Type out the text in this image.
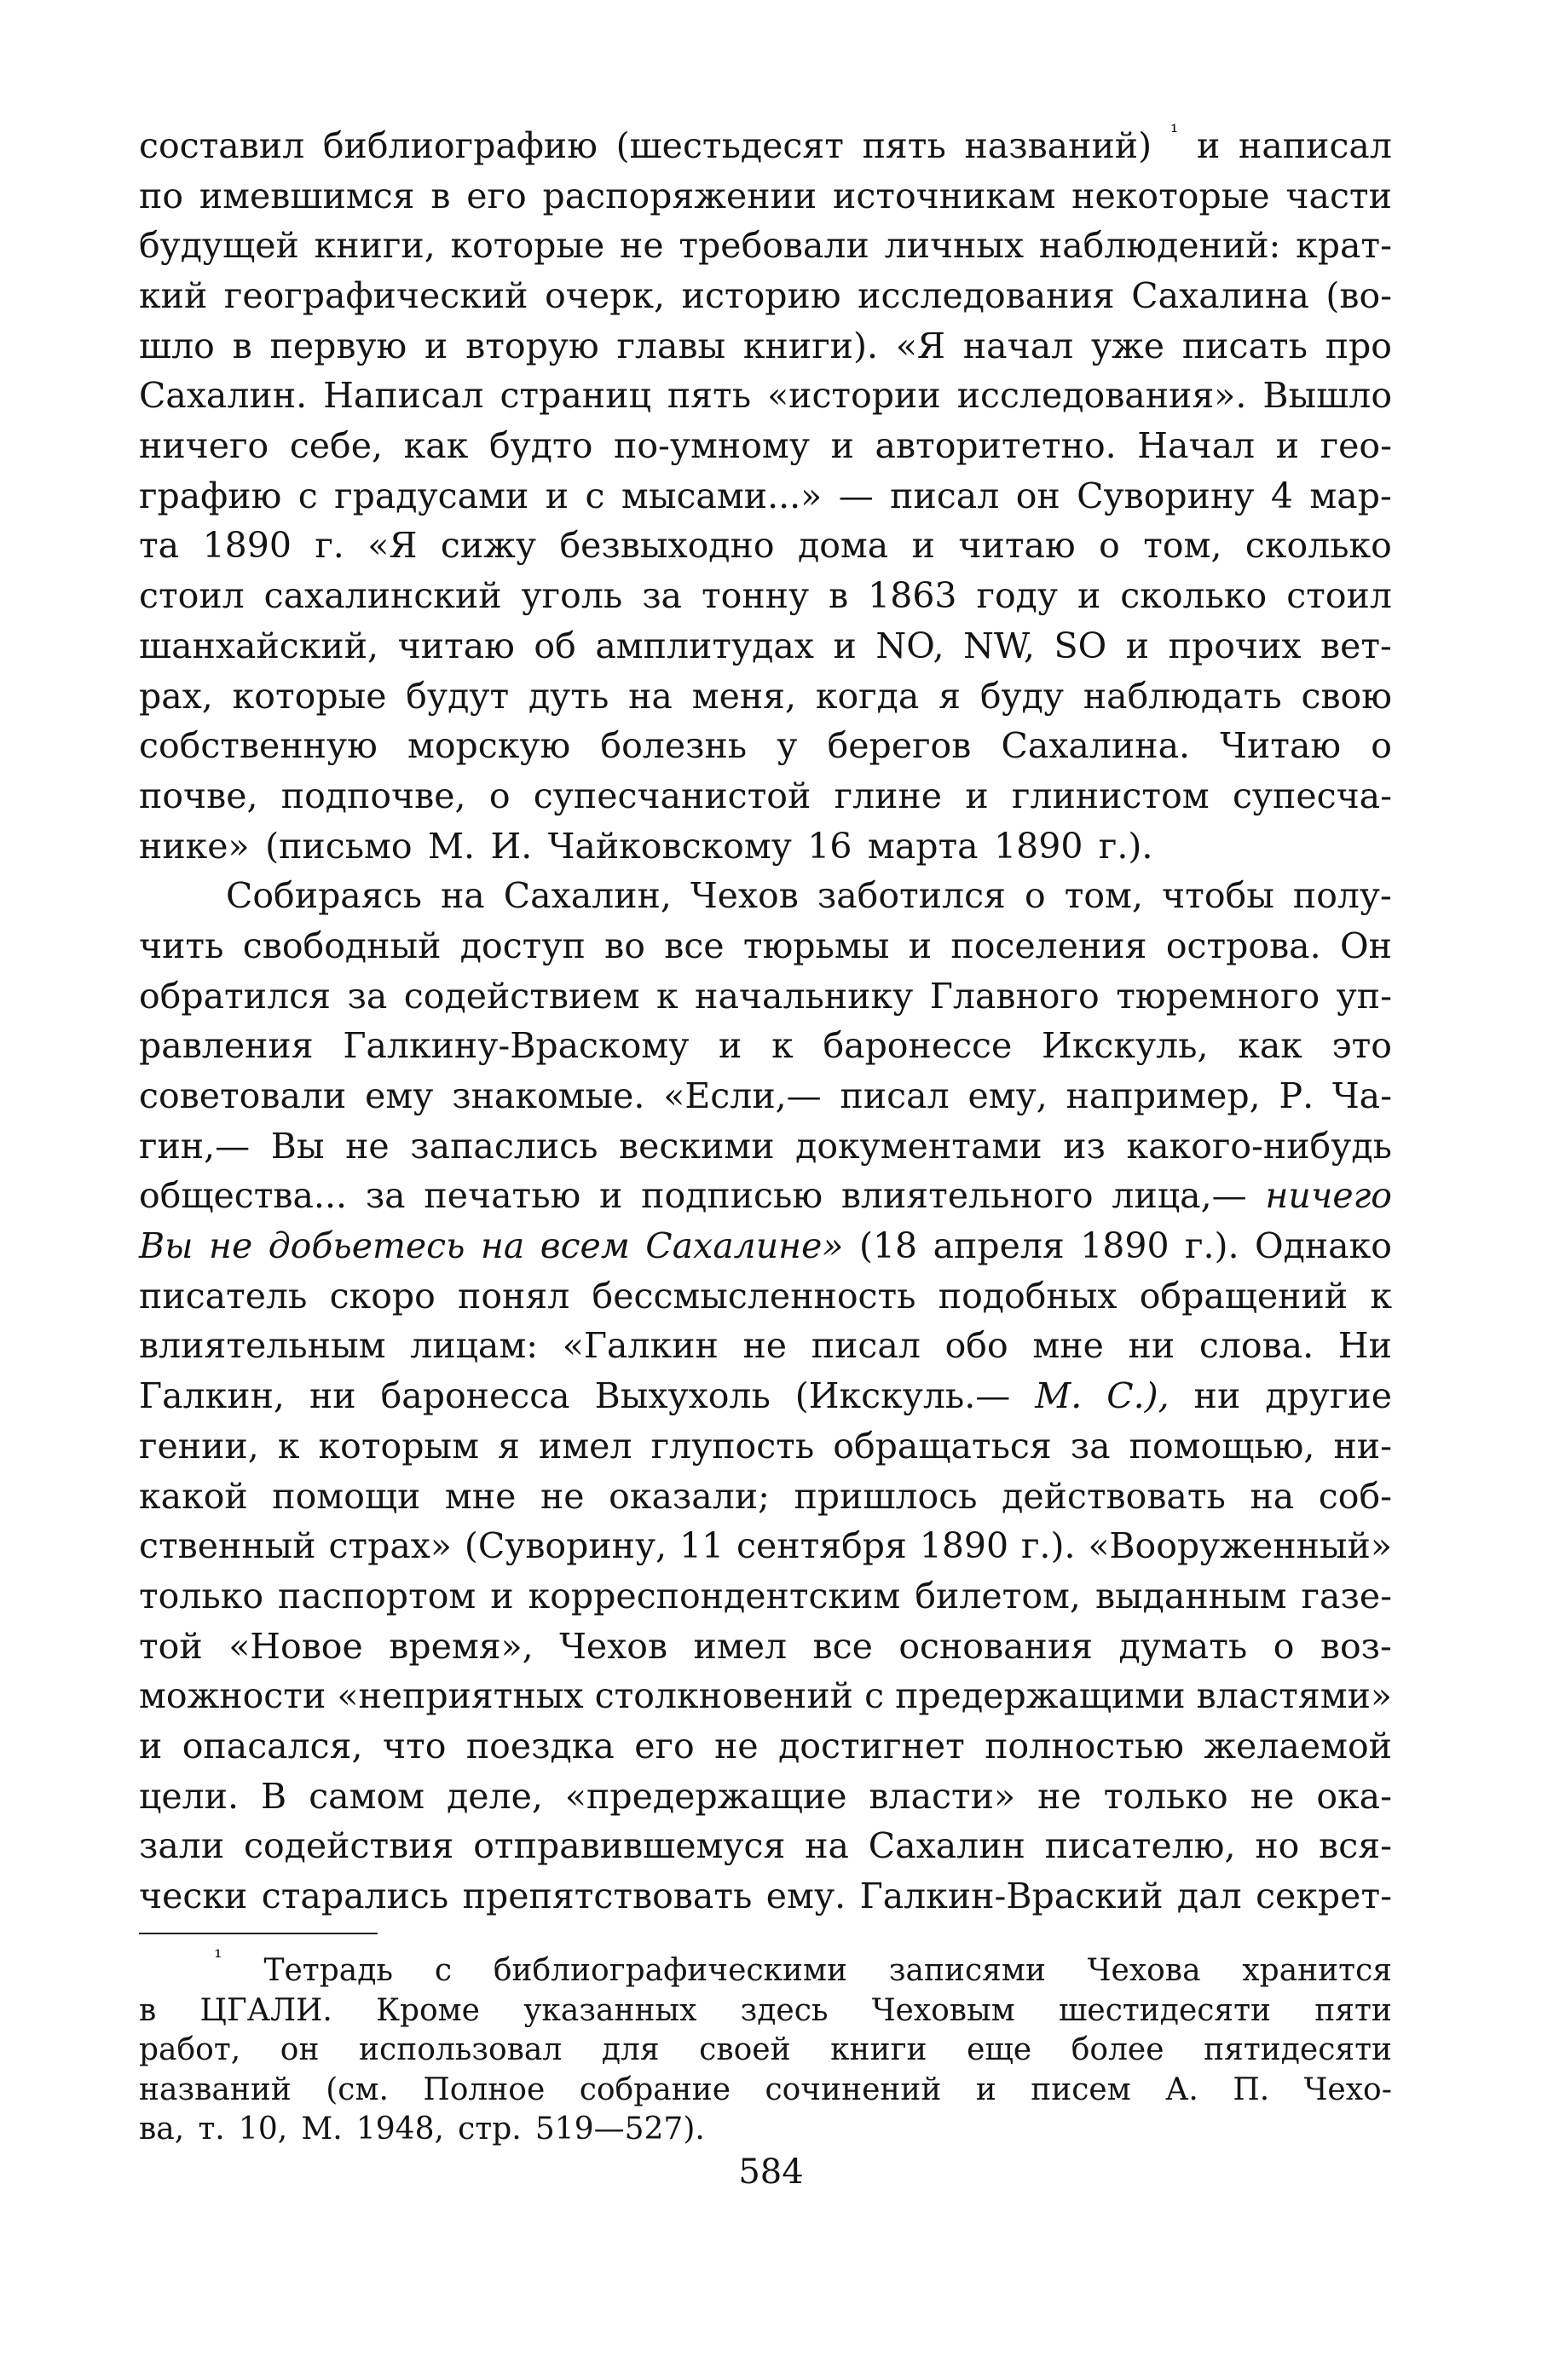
составил библиографию (шестьдесят пять названий) ¹ и написал
по имевшимся в его распоряжении источникам некоторые части
будущей книги, которые не требовали личных наблюдений: крат-
кий географический очерк, историю исследования Сахалина (во-
шло в первую и вторую главы книги). «Я начал уже писать про
Сахалин. Написал страниц пять «истории исследования». Вышло
ничего себе, как будто по-умному и авторитетно. Начал и гео-
графию с градусами и с мысами...» — писал он Суворину 4 мар-
та 1890 г. «Я сижу безвыходно дома и читаю о том, сколько
стоил сахалинский уголь за тонну в 1863 году и сколько стоил
шанхайский, читаю об амплитудах и NO, NW, SO и прочих вет-
рах, которые будут дуть на меня, когда я буду наблюдать свою
собственную морскую болезнь у берегов Сахалина. Читаю о
почве, подпочве, о супесчанистой глине и глинистом супесча-
нике» (письмо М. И. Чайковскому 16 марта 1890 г.).
Собираясь на Сахалин, Чехов заботился о том, чтобы полу-
чить свободный доступ во все тюрьмы и поселения острова. Он
обратился за содействием к начальнику Главного тюремного уп-
равления Галкину-Враскому и к баронессе Икскуль, как это
советовали ему знакомые. «Если,— писал ему, например, Р. Ча-
гин,— Вы не запаслись вескими документами из какого-нибудь
общества... за печатью и подписью влиятельного лица,— ничего
Вы не добьетесь на всем Сахалине» (18 апреля 1890 г.). Однако
писатель скоро понял бессмысленность подобных обращений к
влиятельным лицам: «Галкин не писал обо мне ни слова. Ни
Галкин, ни баронесса Выхухоль (Икскуль.— М. С.), ни другие
гении, к которым я имел глупость обращаться за помощью, ни-
какой помощи мне не оказали; пришлось действовать на соб-
ственный страх» (Суворину, 11 сентября 1890 г.). «Вооруженный»
только паспортом и корреспондентским билетом, выданным газе-
той «Новое время», Чехов имел все основания думать о воз-
можности «неприятных столкновений с предержащими властями»
и опасался, что поездка его не достигнет полностью желаемой
цели. В самом деле, «предержащие власти» не только не ока-
зали содействия отправившемуся на Сахалин писателю, но вся-
чески старались препятствовать ему. Галкин-Враский дал секрет-
¹ Тетрадь с библиографическими записями Чехова хранится
в ЦГАЛИ. Кроме указанных здесь Чеховым шестидесяти пяти
работ, он использовал для своей книги еще более пятидесяти
названий (см. Полное собрание сочинений и писем А. П. Чехо-
ва, т. 10, М. 1948, стр. 519—527).
584
